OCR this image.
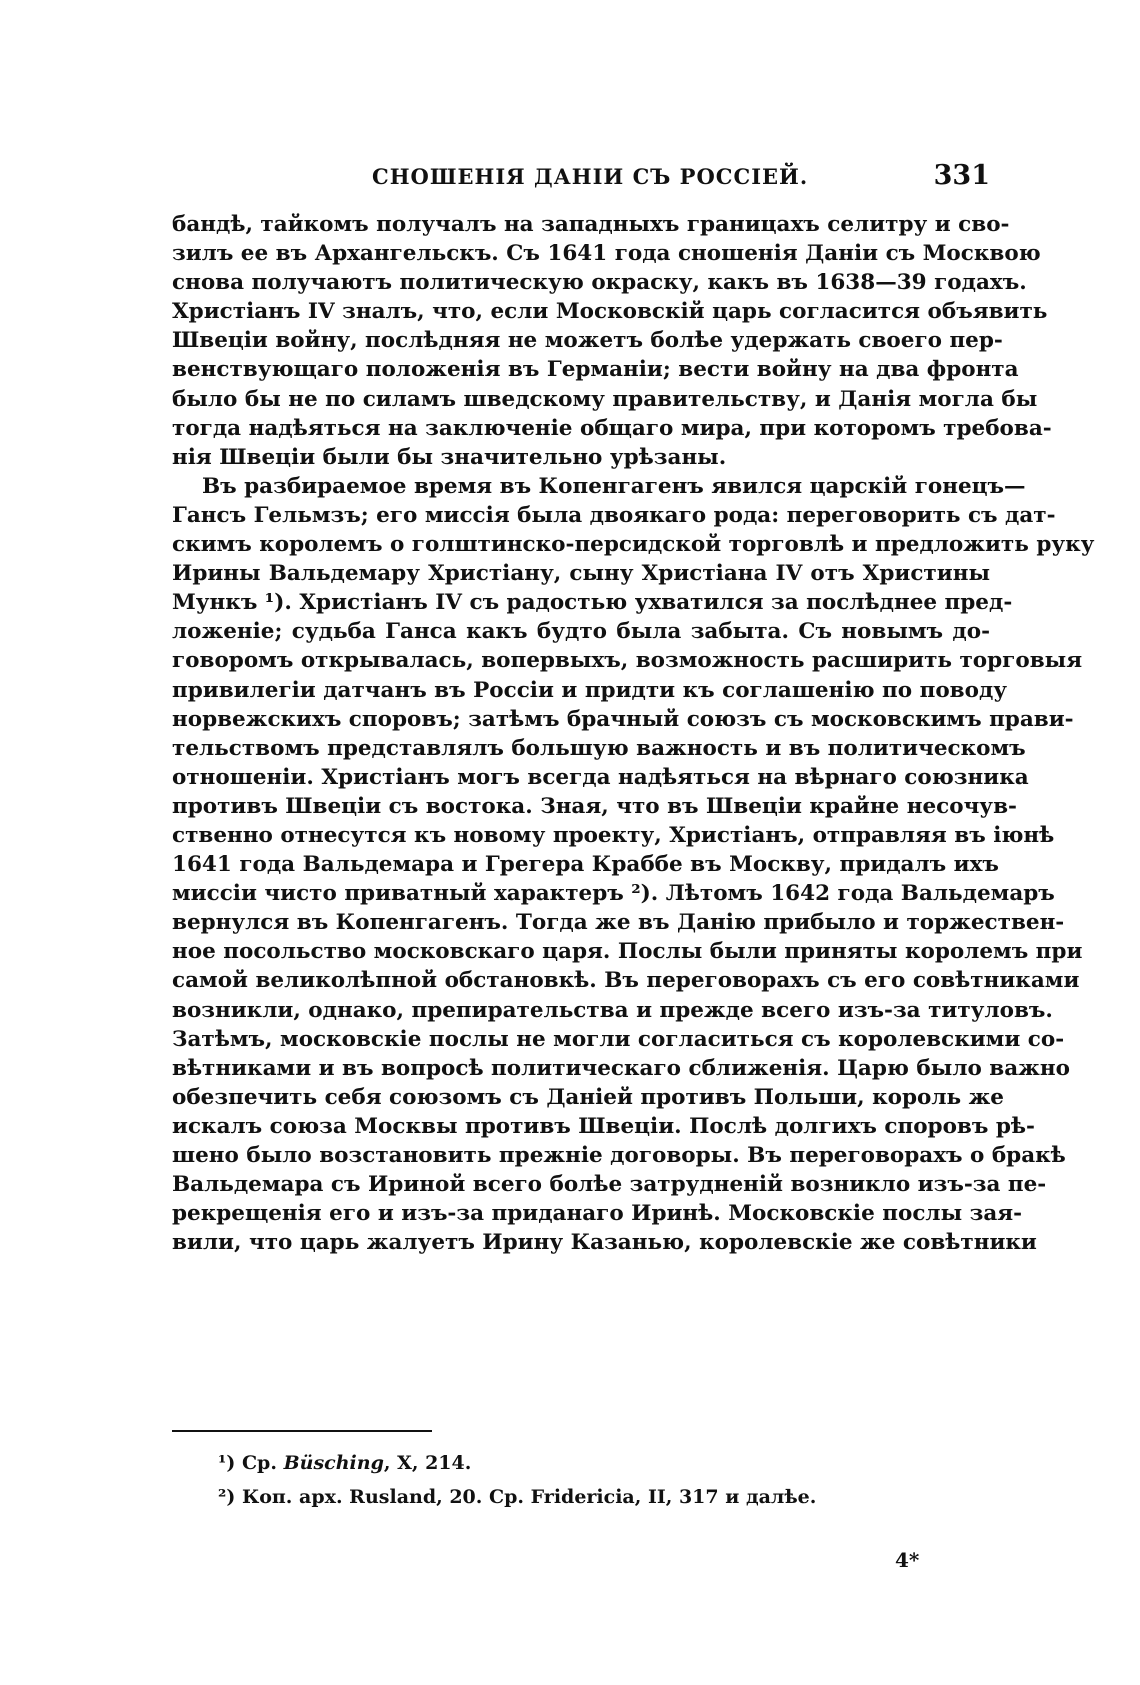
СНОШЕНІЯ ДАНІИ СЪ РОССІЕЙ.	331
бандѣ, тайкомъ получалъ на западныхъ границахъ селитру и сво-
зилъ ее въ Архангельскъ. Съ 1641 года сношенія Даніи съ Москвою
снова получаютъ политическую окраску, какъ въ 1638—39 годахъ.
Христіанъ IV зналъ, что, если Московскій царь согласится объявить
Швеціи войну, послѣдняя не можетъ болѣе удержать своего пер-
венствующаго положенія въ Германіи; вести войну на два фронта
было бы не по силамъ шведскому правительству, и Данія могла бы
тогда надѣяться на заключеніе общаго мира, при которомъ требова-
нія Швеціи были бы значительно урѣзаны.
Въ разбираемое время въ Копенгагенъ явился царскій гонецъ—
Гансъ Гельмзъ; его миссія была двоякаго рода: переговорить съ дат-
скимъ королемъ о голштинско-персидской торговлѣ и предложить руку
Ирины Вальдемару Христіану, сыну Христіана IV отъ Христины
Мункъ ¹). Христіанъ IV съ радостью ухватился за послѣднее пред-
ложеніе; судьба Ганса какъ будто была забыта. Съ новымъ до-
говоромъ открывалась, вопервыхъ, возможность расширить торговыя
привилегіи датчанъ въ Россіи и придти къ соглашенію по поводу
норвежскихъ споровъ; затѣмъ брачный союзъ съ московскимъ прави-
тельствомъ представлялъ большую важность и въ политическомъ
отношеніи. Христіанъ могъ всегда надѣяться на вѣрнаго союзника
противъ Швеціи съ востока. Зная, что въ Швеціи крайне несочув-
ственно отнесутся къ новому проекту, Христіанъ, отправляя въ іюнѣ
1641 года Вальдемара и Грегера Краббе въ Москву, придалъ ихъ
миссіи чисто приватный характеръ ²). Лѣтомъ 1642 года Вальдемаръ
вернулся въ Копенгагенъ. Тогда же въ Данію прибыло и торжествен-
ное посольство московскаго царя. Послы были приняты королемъ при
самой великолѣпной обстановкѣ. Въ переговорахъ съ его совѣтниками
возникли, однако, препирательства и прежде всего изъ-за титуловъ.
Затѣмъ, московскіе послы не могли согласиться съ королевскими со-
вѣтниками и въ вопросѣ политическаго сближенія. Царю было важно
обезпечить себя союзомъ съ Даніей противъ Польши, король же
искалъ союза Москвы противъ Швеціи. Послѣ долгихъ споровъ рѣ-
шено было возстановить прежніе договоры. Въ переговорахъ о бракѣ
Вальдемара съ Ириной всего болѣе затрудненій возникло изъ-за пе-
рекрещенія его и изъ-за приданаго Иринѣ. Московскіе послы зая-
вили, что царь жалуетъ Ирину Казанью, королевскіе же совѣтники
¹) Ср. Büsching, X, 214.
²) Коп. арх. Rusland, 20. Ср. Fridericia, II, 317 и далѣе.
4*
